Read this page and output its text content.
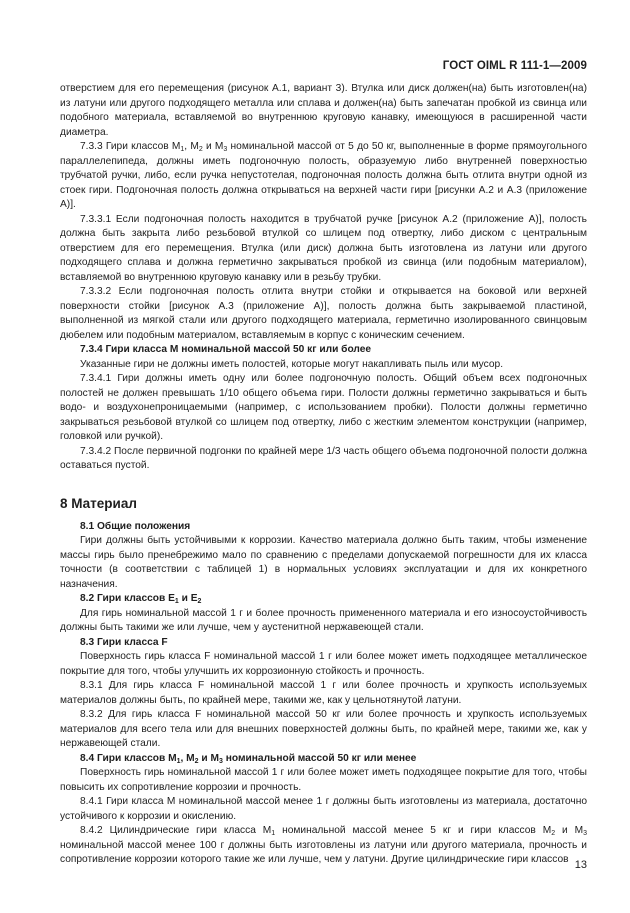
ГОСТ OIML R 111-1—2009

отверстием для его перемещения (рисунок А.1, вариант 3). Втулка или диск должен(на) быть изготовлен(на) из латуни или другого подходящего металла или сплава и должен(на) быть запечатан пробкой из свинца или подобного материала, вставляемой во внутреннюю круговую канавку, имеющуюся в расширенной части диаметра.

7.3.3 Гири классов $M_1$, $M_2$ и $M_3$ номинальной массой от 5 до 50 кг, выполненные в форме прямоугольного параллелепипеда, должны иметь подгоночную полость, образуемую либо внутренней поверхностью трубчатой ручки, либо, если ручка непустотелая, подгоночная полость должна быть отлита внутри одной из стоек гири. Подгоночная полость должна открываться на верхней части гири [рисунки А.2 и А.3 (приложение А)].

7.3.3.1 Если подгоночная полость находится в трубчатой ручке [рисунок А.2 (приложение А)], полость должна быть закрыта либо резьбовой втулкой со шлицем под отвертку, либо диском с центральным отверстием для его перемещения. Втулка (или диск) должна быть изготовлена из латуни или другого подходящего сплава и должна герметично закрываться пробкой из свинца (или подобным материалом), вставляемой во внутреннюю круговую канавку или в резьбу трубки.

7.3.3.2 Если подгоночная полость отлита внутри стойки и открывается на боковой или верхней поверхности стойки [рисунок А.3 (приложение А)], полость должна быть закрываемой пластиной, выполненной из мягкой стали или другого подходящего материала, герметично изолированного свинцовым дюбелем или подобным материалом, вставляемым в корпус с коническим сечением.

7.3.4 Гири класса М номинальной массой 50 кг или более

Указанные гири не должны иметь полостей, которые могут накапливать пыль или мусор.

7.3.4.1 Гири должны иметь одну или более подгоночную полость. Общий объем всех подгоночных полостей не должен превышать 1/10 общего объема гири. Полости должны герметично закрываться и быть водо- и воздухонепроницаемыми (например, с использованием пробки). Полости должны герметично закрываться резьбовой втулкой со шлицем под отвертку, либо с жестким элементом конструкции (например, головкой или ручкой).

7.3.4.2 После первичной подгонки по крайней мере 1/3 часть общего объема подгоночной полости должна оставаться пустой.

8 Материал

8.1 Общие положения

Гири должны быть устойчивыми к коррозии. Качество материала должно быть таким, чтобы изменение массы гирь было пренебрежимо мало по сравнению с пределами допускаемой погрешности для их класса точности (в соответствии с таблицей 1) в нормальных условиях эксплуатации и для их конкретного назначения.

8.2 Гири классов $E_1$ и $E_2$

Для гирь номинальной массой 1 г и более прочность примененного материала и его износоустойчивость должны быть такими же или лучше, чем у аустенитной нержавеющей стали.

8.3 Гири класса F

Поверхность гирь класса F номинальной массой 1 г или более может иметь подходящее металлическое покрытие для того, чтобы улучшить их коррозионную стойкость и прочность.

8.3.1 Для гирь класса F номинальной массой 1 г или более прочность и хрупкость используемых материалов должны быть, по крайней мере, такими же, как у цельнотянутой латуни.

8.3.2 Для гирь класса F номинальной массой 50 кг или более прочность и хрупкость используемых материалов для всего тела или для внешних поверхностей должны быть, по крайней мере, такими же, как у нержавеющей стали.

8.4 Гири классов $M_1$, $M_2$ и $M_3$ номинальной массой 50 кг или менее

Поверхность гирь номинальной массой 1 г или более может иметь подходящее покрытие для того, чтобы повысить их сопротивление коррозии и прочность.

8.4.1 Гири класса М номинальной массой менее 1 г должны быть изготовлены из материала, достаточно устойчивого к коррозии и окислению.

8.4.2 Цилиндрические гири класса $M_1$ номинальной массой менее 5 кг и гири классов $M_2$ и $M_3$ номинальной массой менее 100 г должны быть изготовлены из латуни или другого материала, прочность и сопротивление коррозии которого такие же или лучше, чем у латуни. Другие цилиндрические гири классов 13
